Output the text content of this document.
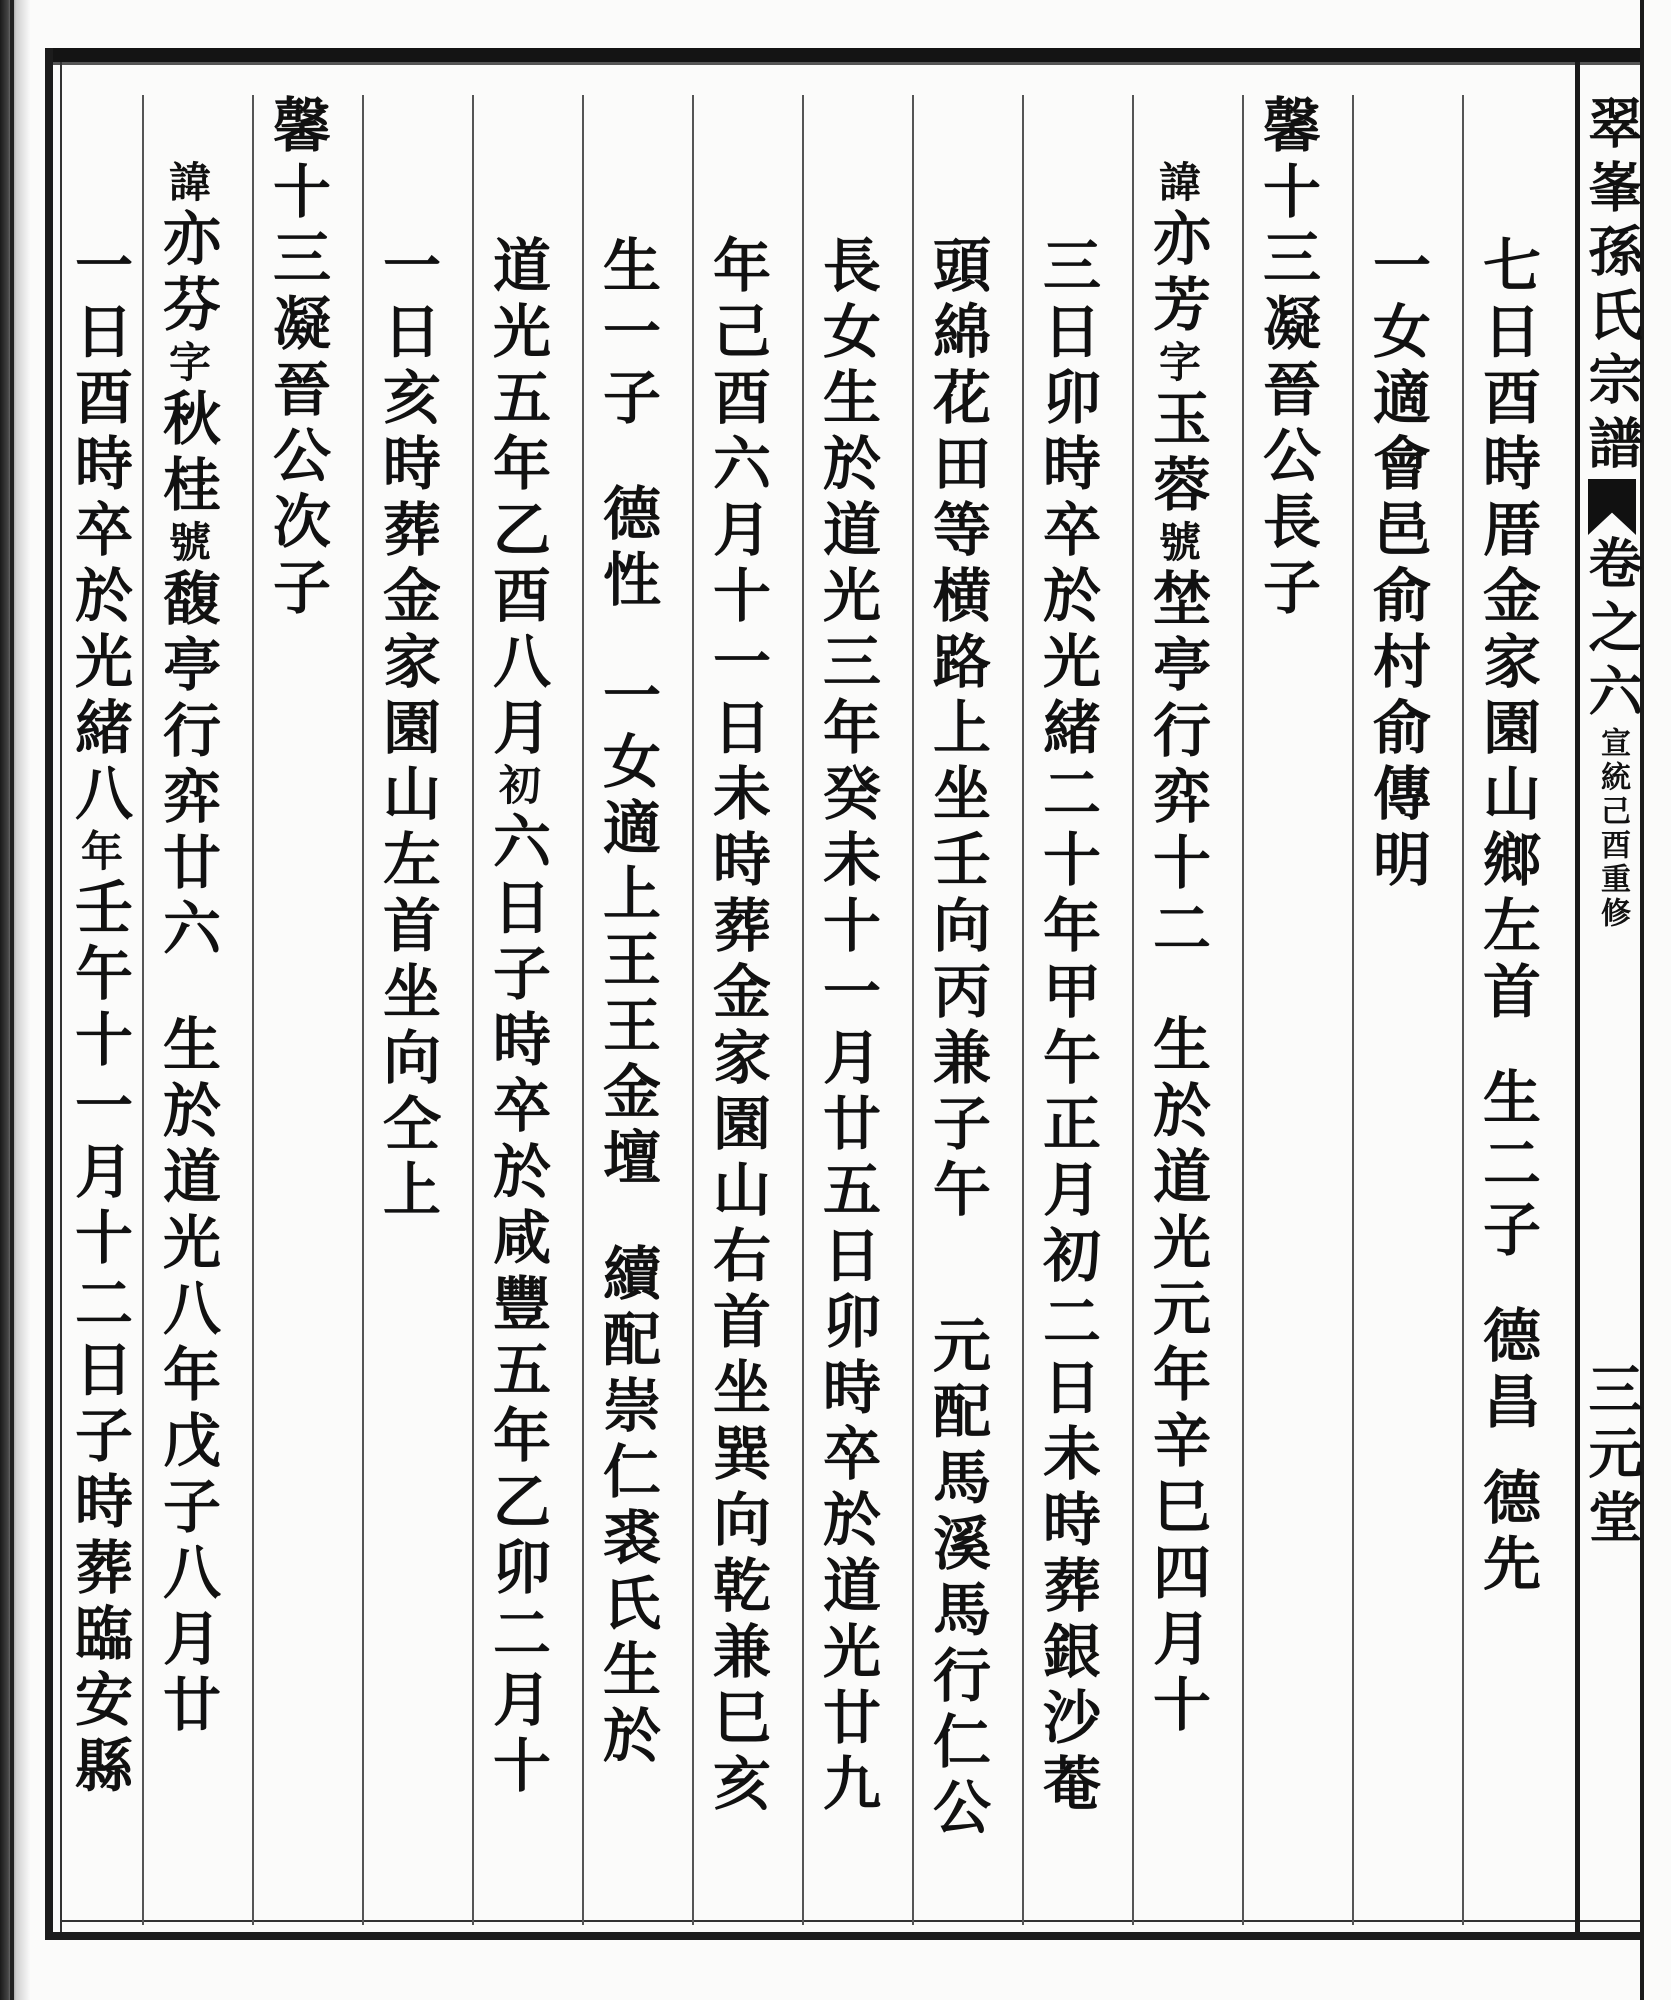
翠峯孫氏宗譜卷之六宣統己酉重修三元堂
七日酉時厝金家園山鄉左首生二子德昌德先
一女適會邑俞村俞傳明
馨十三凝晉公長子
諱亦芳字玉蓉號埜亭行弈十二生於道光元年辛巳四月十
三日卯時卒於光緒二十年甲午正月初二日未時葬銀沙菴
頭綿花田等横路上坐壬向丙兼子午元配馬溪馬行仁公
長女生於道光三年癸未十一月廿五日卯時卒於道光廿九
年己酉六月十一日未時葬金家園山右首坐巽向乾兼巳亥
生一子德性一女適上王王金壇續配崇仁裘氏生於
道光五年乙酉八月初六日子時卒於咸豐五年乙卯二月十
一日亥時葬金家園山左首坐向仝上
馨十三凝晉公次子
諱亦芬字秋桂號馥亭行弈廿六生於道光八年戊子八月廿
一日酉時卒於光緒八年壬午十一月十二日子時葬臨安縣
